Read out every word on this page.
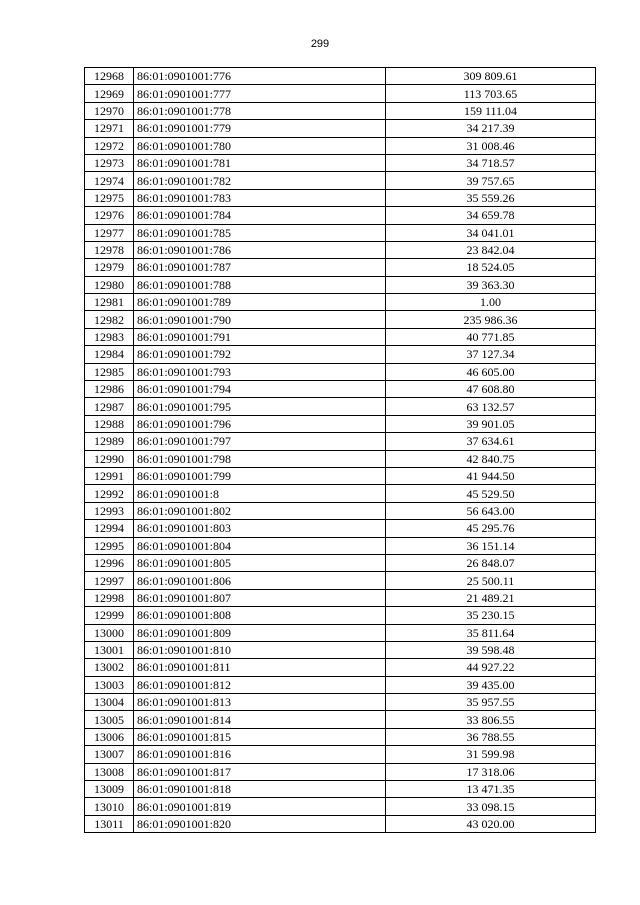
299
12968	86:01:0901001:776	309 809.61
12969	86:01:0901001:777	113 703.65
12970	86:01:0901001:778	159 111.04
12971	86:01:0901001:779	34 217.39
12972	86:01:0901001:780	31 008.46
12973	86:01:0901001:781	34 718.57
12974	86:01:0901001:782	39 757.65
12975	86:01:0901001:783	35 559.26
12976	86:01:0901001:784	34 659.78
12977	86:01:0901001:785	34 041.01
12978	86:01:0901001:786	23 842.04
12979	86:01:0901001:787	18 524.05
12980	86:01:0901001:788	39 363.30
12981	86:01:0901001:789	1.00
12982	86:01:0901001:790	235 986.36
12983	86:01:0901001:791	40 771.85
12984	86:01:0901001:792	37 127.34
12985	86:01:0901001:793	46 605.00
12986	86:01:0901001:794	47 608.80
12987	86:01:0901001:795	63 132.57
12988	86:01:0901001:796	39 901.05
12989	86:01:0901001:797	37 634.61
12990	86:01:0901001:798	42 840.75
12991	86:01:0901001:799	41 944.50
12992	86:01:0901001:8	45 529.50
12993	86:01:0901001:802	56 643.00
12994	86:01:0901001:803	45 295.76
12995	86:01:0901001:804	36 151.14
12996	86:01:0901001:805	26 848.07
12997	86:01:0901001:806	25 500.11
12998	86:01:0901001:807	21 489.21
12999	86:01:0901001:808	35 230.15
13000	86:01:0901001:809	35 811.64
13001	86:01:0901001:810	39 598.48
13002	86:01:0901001:811	44 927.22
13003	86:01:0901001:812	39 435.00
13004	86:01:0901001:813	35 957.55
13005	86:01:0901001:814	33 806.55
13006	86:01:0901001:815	36 788.55
13007	86:01:0901001:816	31 599.98
13008	86:01:0901001:817	17 318.06
13009	86:01:0901001:818	13 471.35
13010	86:01:0901001:819	33 098.15
13011	86:01:0901001:820	43 020.00
